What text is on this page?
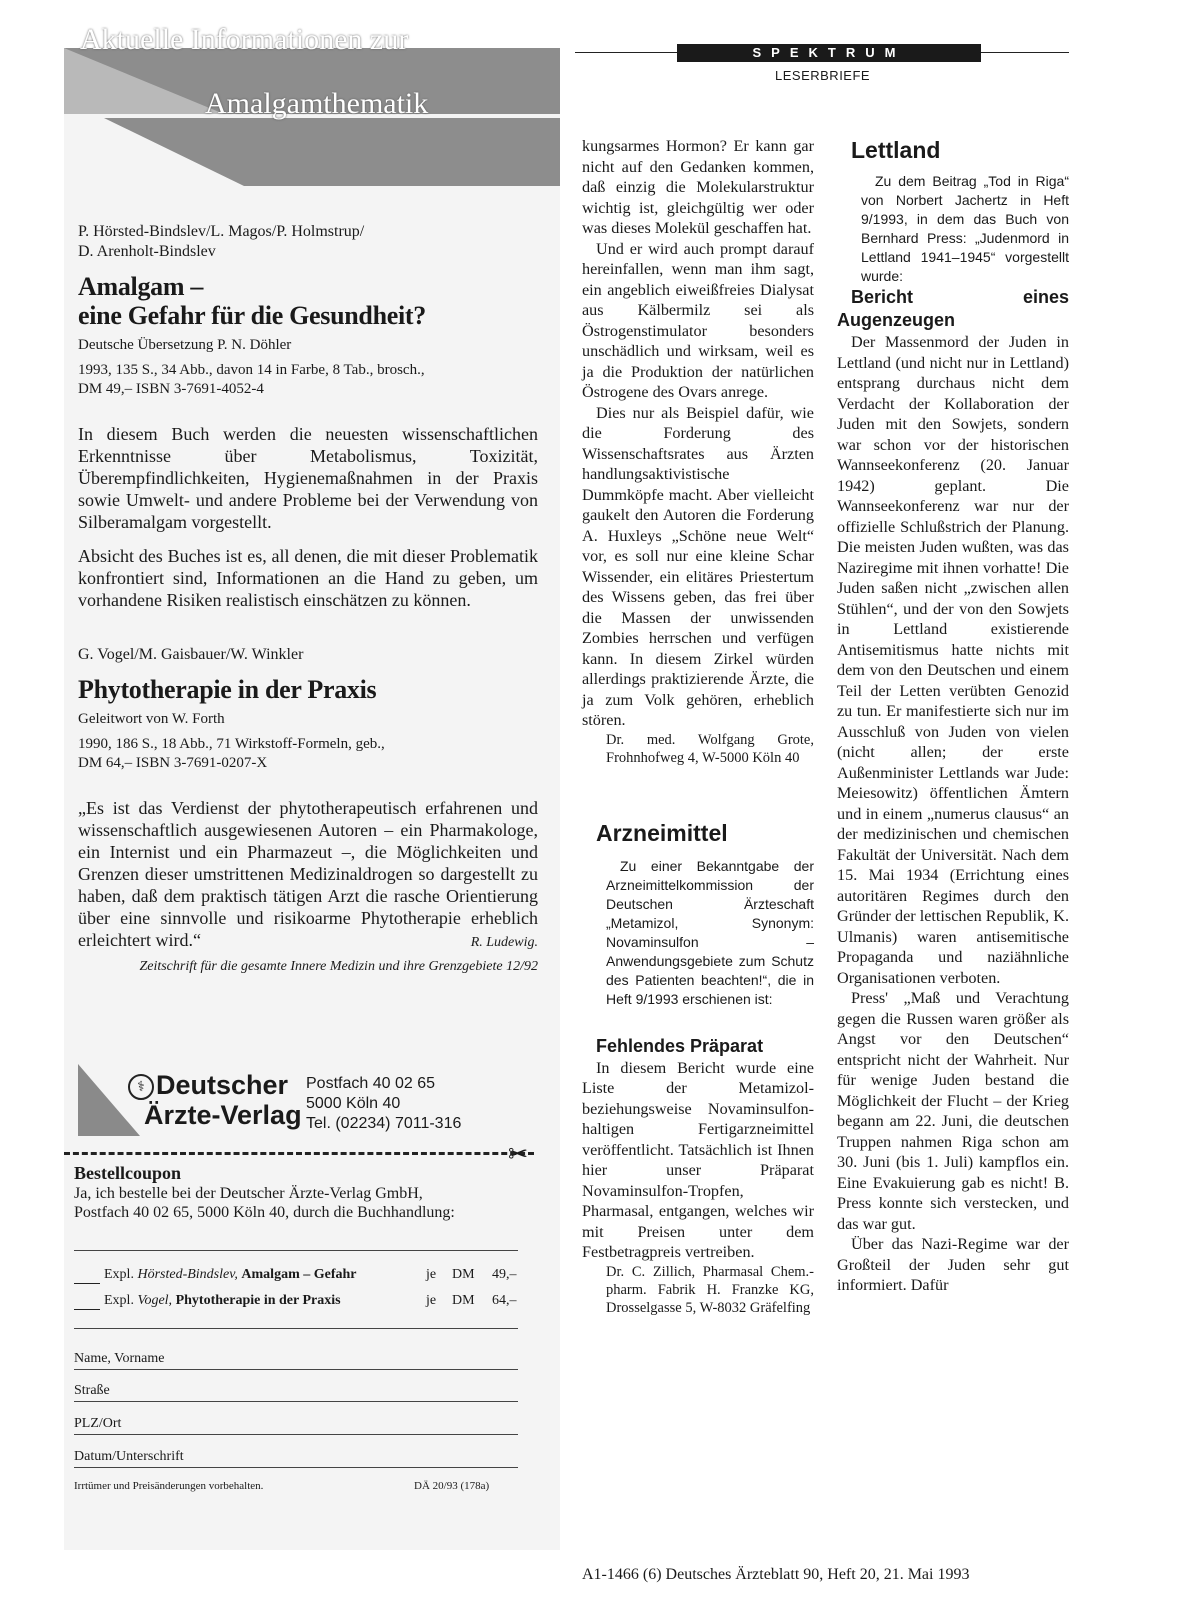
Aktuelle Informationen zur
Amalgamthematik
P. Hörsted-Bindslev/L. Magos/P. Holmstrup/
D. Arenholt-Bindslev
Amalgam –
eine Gefahr für die Gesundheit?
Deutsche Übersetzung P. N. Döhler
1993, 135 S., 34 Abb., davon 14 in Farbe, 8 Tab., brosch.,
DM 49,– ISBN 3-7691-4052-4
In diesem Buch werden die neuesten wissenschaftlichen Erkenntnisse über Metabolismus, Toxizität, Überempfindlichkeiten, Hygienemaßnahmen in der Praxis sowie Umwelt- und andere Probleme bei der Verwendung von Silberamalgam vorgestellt.
Absicht des Buches ist es, all denen, die mit dieser Problematik konfrontiert sind, Informationen an die Hand zu geben, um vorhandene Risiken realistisch einschätzen zu können.
G. Vogel/M. Gaisbauer/W. Winkler
Phytotherapie in der Praxis
Geleitwort von W. Forth
1990, 186 S., 18 Abb., 71 Wirkstoff-Formeln, geb.,
DM 64,– ISBN 3-7691-0207-X
„Es ist das Verdienst der phytotherapeutisch erfahrenen und wissenschaftlich ausgewiesenen Autoren – ein Pharmakologe, ein Internist und ein Pharmazeut –, die Möglichkeiten und Grenzen dieser umstrittenen Medizinaldrogen so dargestellt zu haben, daß dem praktisch tätigen Arzt die rasche Orientierung über eine sinnvolle und risikoarme Phytotherapie erheblich erleichtert wird.“	R. Ludewig.
Zeitschrift für die gesamte Innere Medizin und ihre Grenzgebiete 12/92
⚕ Deutscher
Ärzte-Verlag
Postfach 40 02 65
5000 Köln 40
Tel. (02234) 7011-316
✂
Bestellcoupon
Ja, ich bestelle bei der Deutscher Ärzte-Verlag GmbH,
Postfach 40 02 65, 5000 Köln 40, durch die Buchhandlung:
Expl. Hörsted-Bindslev, Amalgam – Gefahr	je DM 49,–
Expl. Vogel, Phytotherapie in der Praxis	je DM 64,–
Name, Vorname
Straße
PLZ/Ort
Datum/Unterschrift
Irrtümer und Preisänderungen vorbehalten.	DÄ 20/93 (178a)
SPEKTRUM
LESERBRIEFE

kungsarmes Hormon? Er kann gar nicht auf den Gedanken kommen, daß einzig die Molekularstruktur wichtig ist, gleichgültig wer oder was dieses Molekül geschaffen hat.

Und er wird auch prompt darauf hereinfallen, wenn man ihm sagt, ein angeblich eiweißfreies Dialysat aus Kälbermilz sei als Östrogenstimulator besonders unschädlich und wirksam, weil es ja die Produktion der natürlichen Östrogene des Ovars anrege.

Dies nur als Beispiel dafür, wie die Forderung des Wissenschaftsrates aus Ärzten handlungsaktivistische Dummköpfe macht. Aber vielleicht gaukelt den Autoren die Forderung A. Huxleys „Schöne neue Welt“ vor, es soll nur eine kleine Schar Wissender, ein elitäres Priestertum des Wissens geben, das frei über die Massen der unwissenden Zombies herrschen und verfügen kann. In diesem Zirkel würden allerdings praktizierende Ärzte, die ja zum Volk gehören, erheblich stören.

Dr. med. Wolfgang Grote, Frohnhofweg 4, W-5000 Köln 40

Arzneimittel

Zu einer Bekanntgabe der Arzneimittelkommission der Deutschen Ärzteschaft „Metamizol, Synonym: Novaminsulfon – Anwendungsgebiete zum Schutz des Patienten beachten!“, die in Heft 9/1993 erschienen ist:

Fehlendes Präparat

In diesem Bericht wurde eine Liste der Metamizol- beziehungsweise Novaminsulfon-haltigen Fertigarzneimittel veröffentlicht. Tatsächlich ist Ihnen hier unser Präparat Novaminsulfon-Tropfen, Pharmasal, entgangen, welches wir mit Preisen unter dem Festbetragpreis vertreiben.

Dr. C. Zillich, Pharmasal Chem.-pharm. Fabrik H. Franzke KG, Drosselgasse 5, W-8032 Gräfelfing

Lettland

Zu dem Beitrag „Tod in Riga“ von Norbert Jachertz in Heft 9/1993, in dem das Buch von Bernhard Press: „Judenmord in Lettland 1941–1945“ vorgestellt wurde:

Bericht eines Augenzeugen

Der Massenmord der Juden in Lettland (und nicht nur in Lettland) entsprang durchaus nicht dem Verdacht der Kollaboration der Juden mit den Sowjets, sondern war schon vor der historischen Wannseekonferenz (20. Januar 1942) geplant. Die Wannseekonferenz war nur der offizielle Schlußstrich der Planung. Die meisten Juden wußten, was das Naziregime mit ihnen vorhatte! Die Juden saßen nicht „zwischen allen Stühlen“, und der von den Sowjets in Lettland existierende Antisemitismus hatte nichts mit dem von den Deutschen und einem Teil der Letten verübten Genozid zu tun. Er manifestierte sich nur im Ausschluß von Juden von vielen (nicht allen; der erste Außenminister Lettlands war Jude: Meiesowitz) öffentlichen Ämtern und in einem „numerus clausus“ an der medizinischen und chemischen Fakultät der Universität. Nach dem 15. Mai 1934 (Errichtung eines autoritären Regimes durch den Gründer der lettischen Republik, K. Ulmanis) waren antisemitische Propaganda und naziähnliche Organisationen verboten.

Press' „Maß und Verachtung gegen die Russen waren größer als Angst vor den Deutschen“ entspricht nicht der Wahrheit. Nur für wenige Juden bestand die Möglichkeit der Flucht – der Krieg begann am 22. Juni, die deutschen Truppen nahmen Riga schon am 30. Juni (bis 1. Juli) kampflos ein. Eine Evakuierung gab es nicht! B. Press konnte sich verstecken, und das war gut.

Über das Nazi-Regime war der Großteil der Juden sehr gut informiert. Dafür

A1-1466 (6) Deutsches Ärzteblatt 90, Heft 20, 21. Mai 1993
